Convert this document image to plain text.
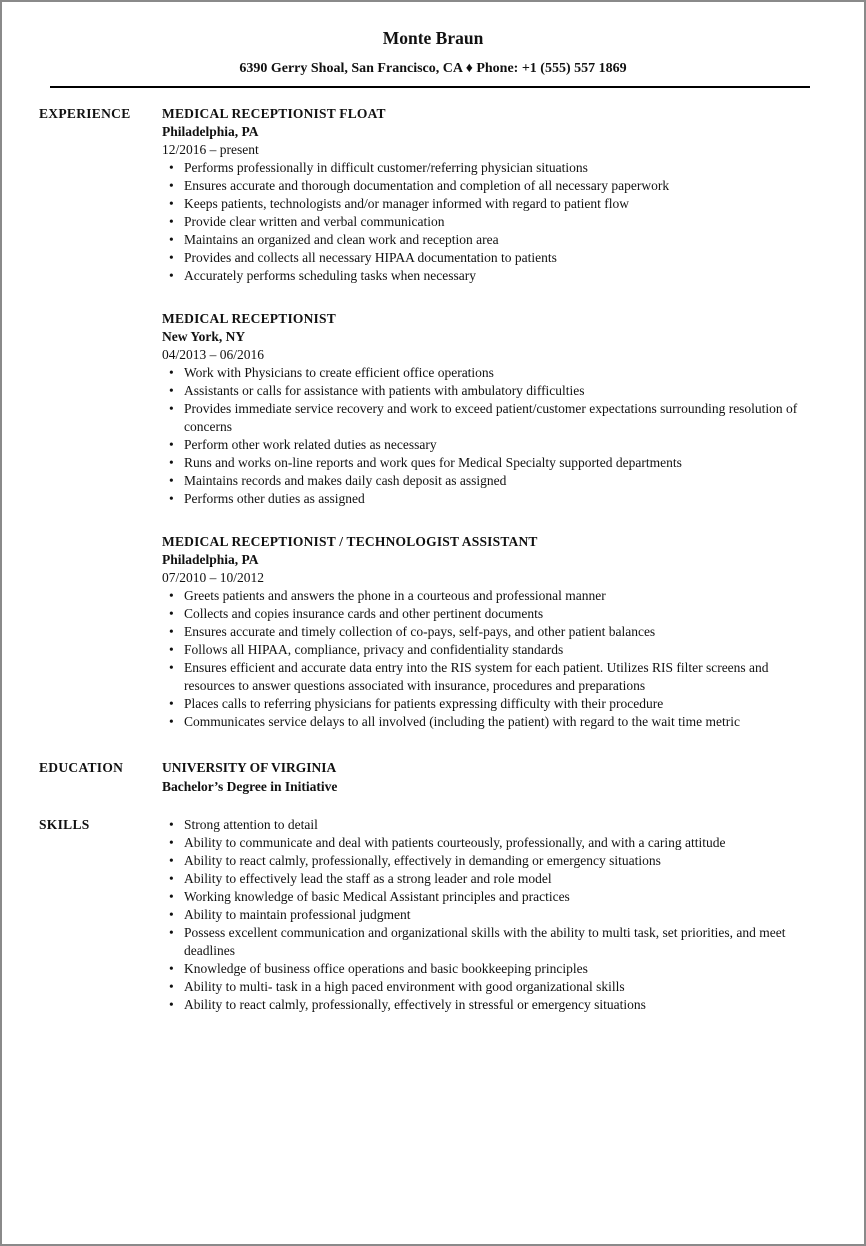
Monte Braun
6390 Gerry Shoal, San Francisco, CA ♦ Phone: +1 (555) 557 1869
EXPERIENCE	MEDICAL RECEPTIONIST FLOAT
Philadelphia, PA
12/2016 – present
• Performs professionally in difficult customer/referring physician situations
• Ensures accurate and thorough documentation and completion of all necessary paperwork
• Keeps patients, technologists and/or manager informed with regard to patient flow
• Provide clear written and verbal communication
• Maintains an organized and clean work and reception area
• Provides and collects all necessary HIPAA documentation to patients
• Accurately performs scheduling tasks when necessary
MEDICAL RECEPTIONIST
New York, NY
04/2013 – 06/2016
• Work with Physicians to create efficient office operations
• Assistants or calls for assistance with patients with ambulatory difficulties
• Provides immediate service recovery and work to exceed patient/customer expectations surrounding resolution of concerns
• Perform other work related duties as necessary
• Runs and works on-line reports and work ques for Medical Specialty supported departments
• Maintains records and makes daily cash deposit as assigned
• Performs other duties as assigned
MEDICAL RECEPTIONIST / TECHNOLOGIST ASSISTANT
Philadelphia, PA
07/2010 – 10/2012
• Greets patients and answers the phone in a courteous and professional manner
• Collects and copies insurance cards and other pertinent documents
• Ensures accurate and timely collection of co-pays, self-pays, and other patient balances
• Follows all HIPAA, compliance, privacy and confidentiality standards
• Ensures efficient and accurate data entry into the RIS system for each patient. Utilizes RIS filter screens and resources to answer questions associated with insurance, procedures and preparations
• Places calls to referring physicians for patients expressing difficulty with their procedure
• Communicates service delays to all involved (including the patient) with regard to the wait time metric
EDUCATION	UNIVERSITY OF VIRGINIA
Bachelor’s Degree in Initiative
SKILLS	• Strong attention to detail
• Ability to communicate and deal with patients courteously, professionally, and with a caring attitude
• Ability to react calmly, professionally, effectively in demanding or emergency situations
• Ability to effectively lead the staff as a strong leader and role model
• Working knowledge of basic Medical Assistant principles and practices
• Ability to maintain professional judgment
• Possess excellent communication and organizational skills with the ability to multi task, set priorities, and meet deadlines
• Knowledge of business office operations and basic bookkeeping principles
• Ability to multi- task in a high paced environment with good organizational skills
• Ability to react calmly, professionally, effectively in stressful or emergency situations
